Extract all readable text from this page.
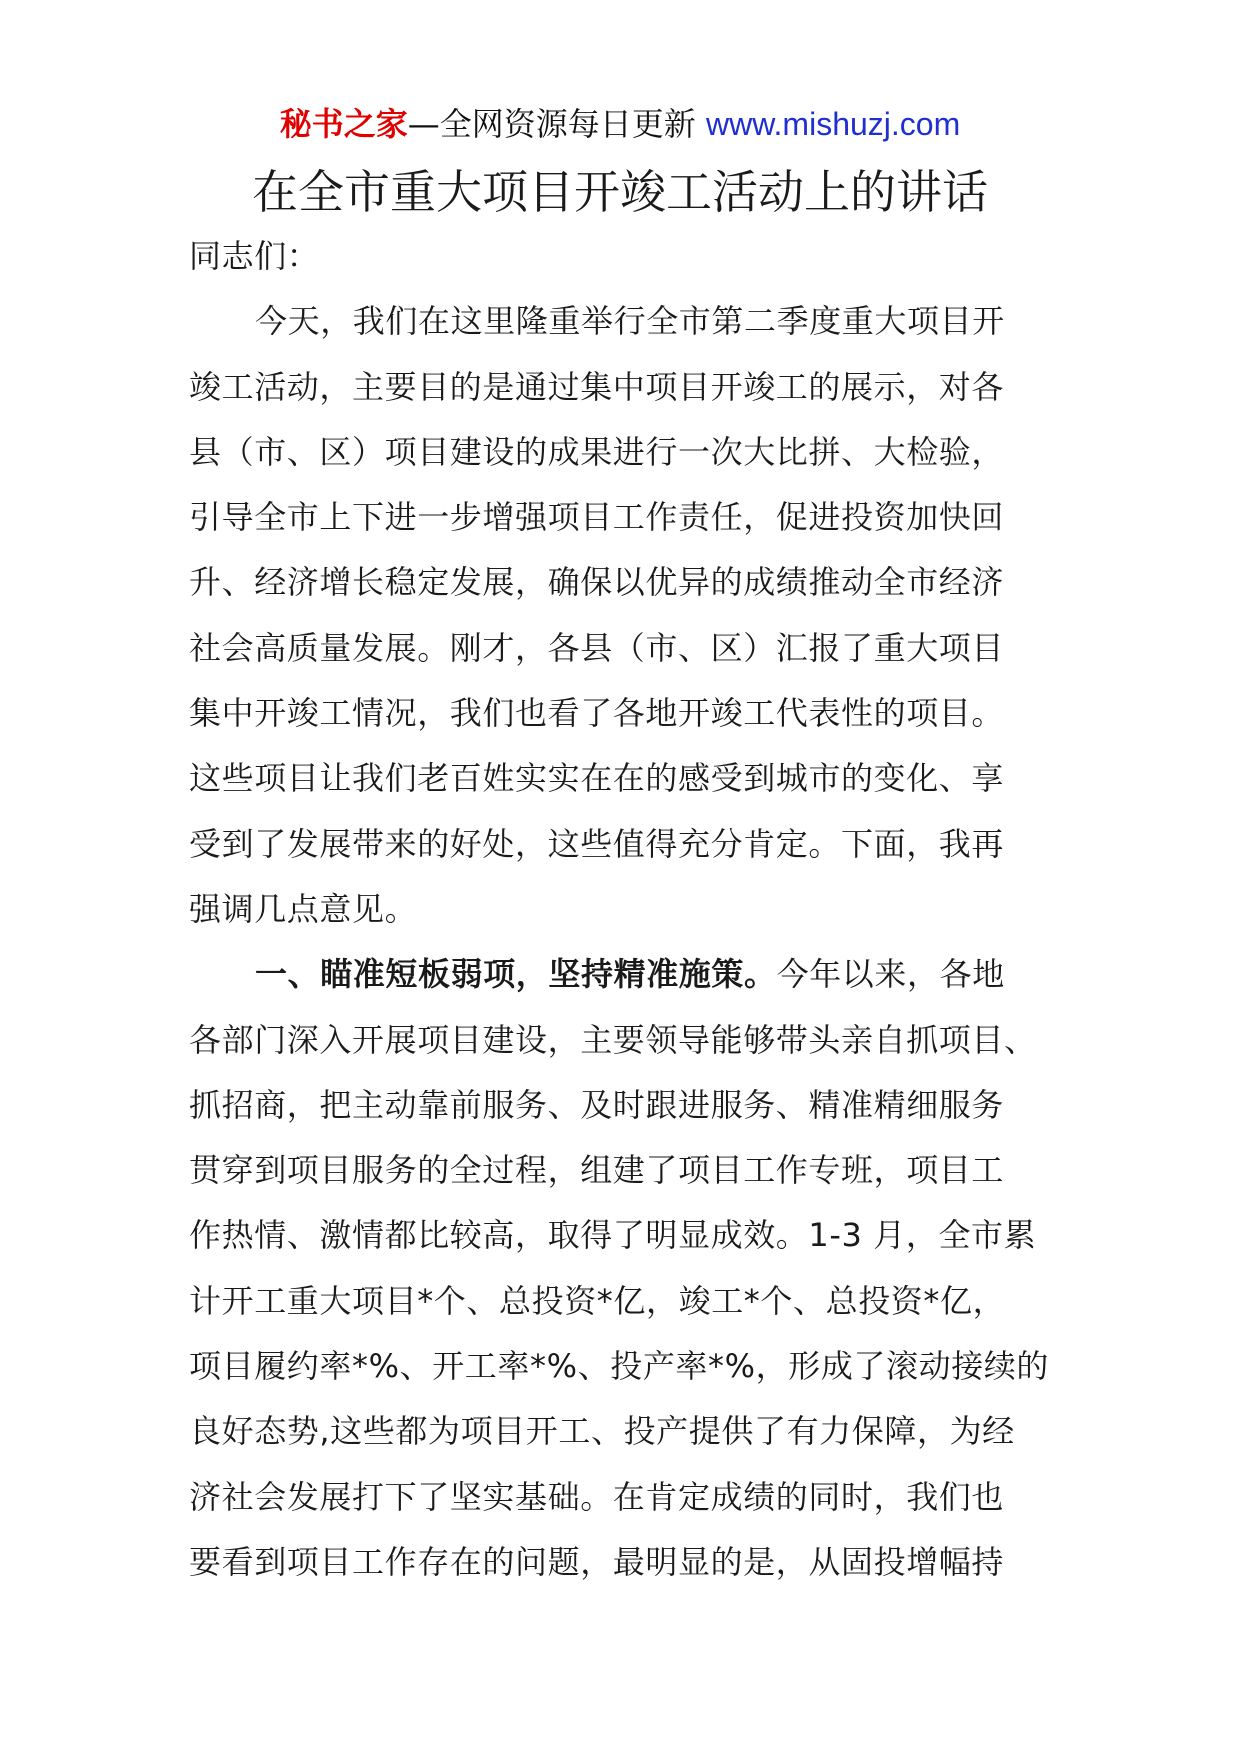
秘书之家—全网资源每日更新 www.mishuzj.com
在全市重大项目开竣工活动上的讲话
同志们：
今天，我们在这里隆重举行全市第二季度重大项目开
竣工活动，主要目的是通过集中项目开竣工的展示，对各
县（市、区）项目建设的成果进行一次大比拼、大检验，
引导全市上下进一步增强项目工作责任，促进投资加快回
升、经济增长稳定发展，确保以优异的成绩推动全市经济
社会高质量发展。刚才，各县（市、区）汇报了重大项目
集中开竣工情况，我们也看了各地开竣工代表性的项目。
这些项目让我们老百姓实实在在的感受到城市的变化、享
受到了发展带来的好处，这些值得充分肯定。下面，我再
强调几点意见。
一、瞄准短板弱项，坚持精准施策。今年以来，各地
各部门深入开展项目建设，主要领导能够带头亲自抓项目、
抓招商，把主动靠前服务、及时跟进服务、精准精细服务
贯穿到项目服务的全过程，组建了项目工作专班，项目工
作热情、激情都比较高，取得了明显成效。1-3 月，全市累
计开工重大项目*个、总投资*亿，竣工*个、总投资*亿，
项目履约率*%、开工率*%、投产率*%，形成了滚动接续的
良好态势,这些都为项目开工、投产提供了有力保障，为经
济社会发展打下了坚实基础。在肯定成绩的同时，我们也
要看到项目工作存在的问题，最明显的是，从固投增幅持
